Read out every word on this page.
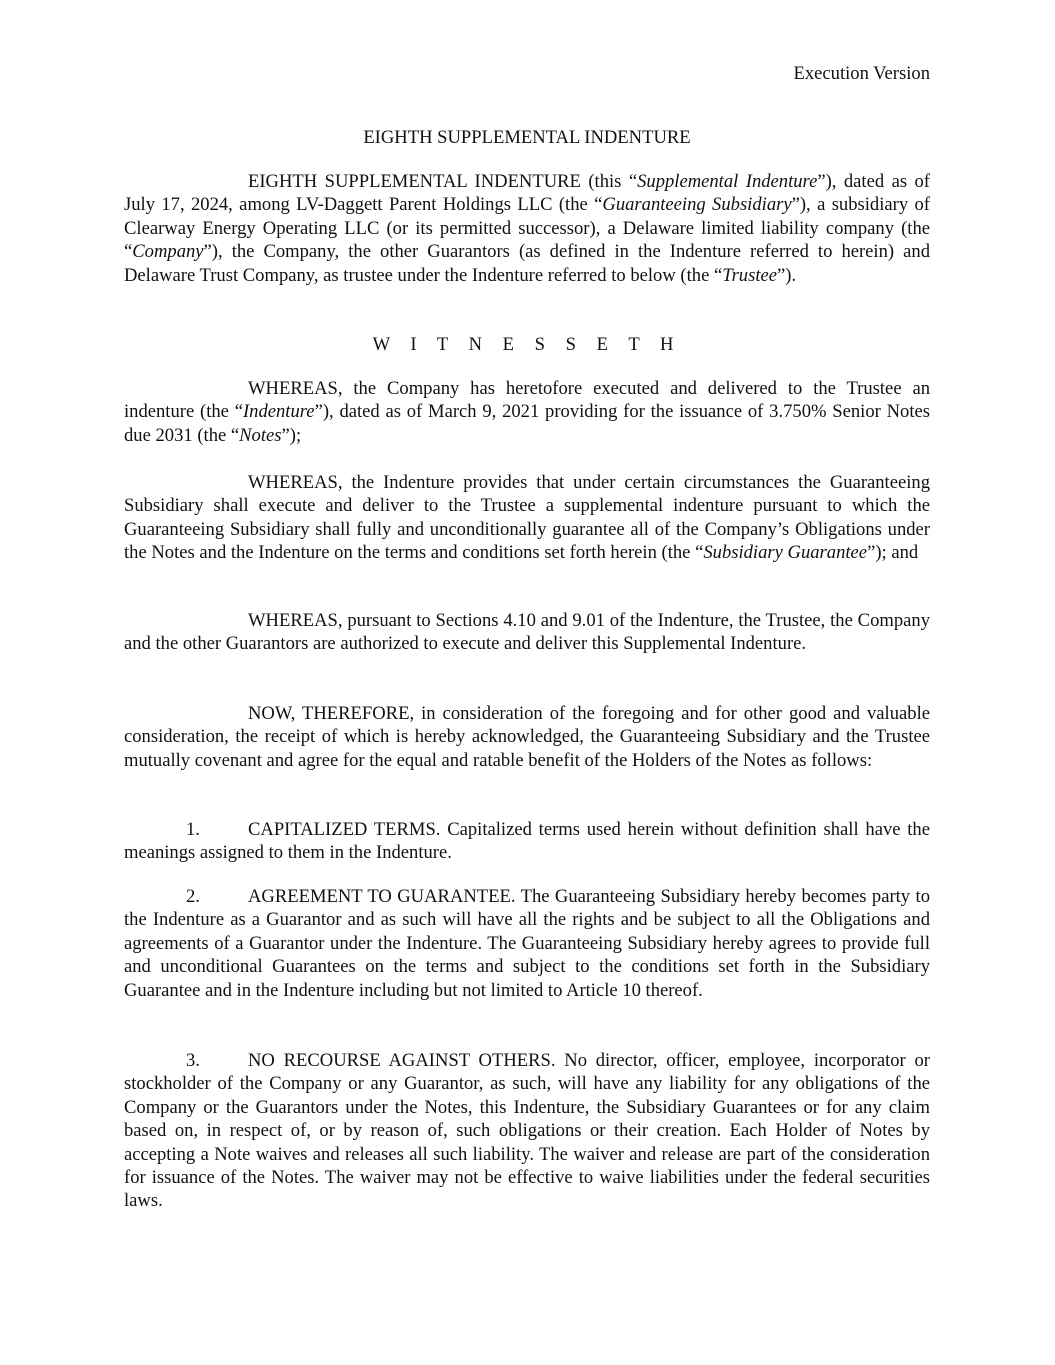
Execution Version
EIGHTH SUPPLEMENTAL INDENTURE

EIGHTH SUPPLEMENTAL INDENTURE (this “Supplemental Indenture”), dated as of July 17, 2024, among LV-Daggett Parent Holdings LLC (the “Guaranteeing Subsidiary”), a subsidiary of Clearway Energy Operating LLC (or its permitted successor), a Delaware limited liability company (the “Company”), the Company, the other Guarantors (as defined in the Indenture referred to herein) and Delaware Trust Company, as trustee under the Indenture referred to below (the “Trustee”).

W I T N E S S E T H

WHEREAS, the Company has heretofore executed and delivered to the Trustee an indenture (the “Indenture”), dated as of March 9, 2021 providing for the issuance of 3.750% Senior Notes due 2031 (the “Notes”);

WHEREAS, the Indenture provides that under certain circumstances the Guaranteeing Subsidiary shall execute and deliver to the Trustee a supplemental indenture pursuant to which the Guaranteeing Subsidiary shall fully and unconditionally guarantee all of the Company’s Obligations under the Notes and the Indenture on the terms and conditions set forth herein (the “Subsidiary Guarantee”); and

WHEREAS, pursuant to Sections 4.10 and 9.01 of the Indenture, the Trustee, the Company and the other Guarantors are authorized to execute and deliver this Supplemental Indenture.

NOW, THEREFORE, in consideration of the foregoing and for other good and valuable consideration, the receipt of which is hereby acknowledged, the Guaranteeing Subsidiary and the Trustee mutually covenant and agree for the equal and ratable benefit of the Holders of the Notes as follows:

1.	CAPITALIZED TERMS. Capitalized terms used herein without definition shall have the meanings assigned to them in the Indenture.

2.	AGREEMENT TO GUARANTEE. The Guaranteeing Subsidiary hereby becomes party to the Indenture as a Guarantor and as such will have all the rights and be subject to all the Obligations and agreements of a Guarantor under the Indenture. The Guaranteeing Subsidiary hereby agrees to provide full and unconditional Guarantees on the terms and subject to the conditions set forth in the Subsidiary Guarantee and in the Indenture including but not limited to Article 10 thereof.

3.	NO RECOURSE AGAINST OTHERS. No director, officer, employee, incorporator or stockholder of the Company or any Guarantor, as such, will have any liability for any obligations of the Company or the Guarantors under the Notes, this Indenture, the Subsidiary Guarantees or for any claim based on, in respect of, or by reason of, such obligations or their creation. Each Holder of Notes by accepting a Note waives and releases all such liability. The waiver and release are part of the consideration for issuance of the Notes. The waiver may not be effective to waive liabilities under the federal securities laws.
